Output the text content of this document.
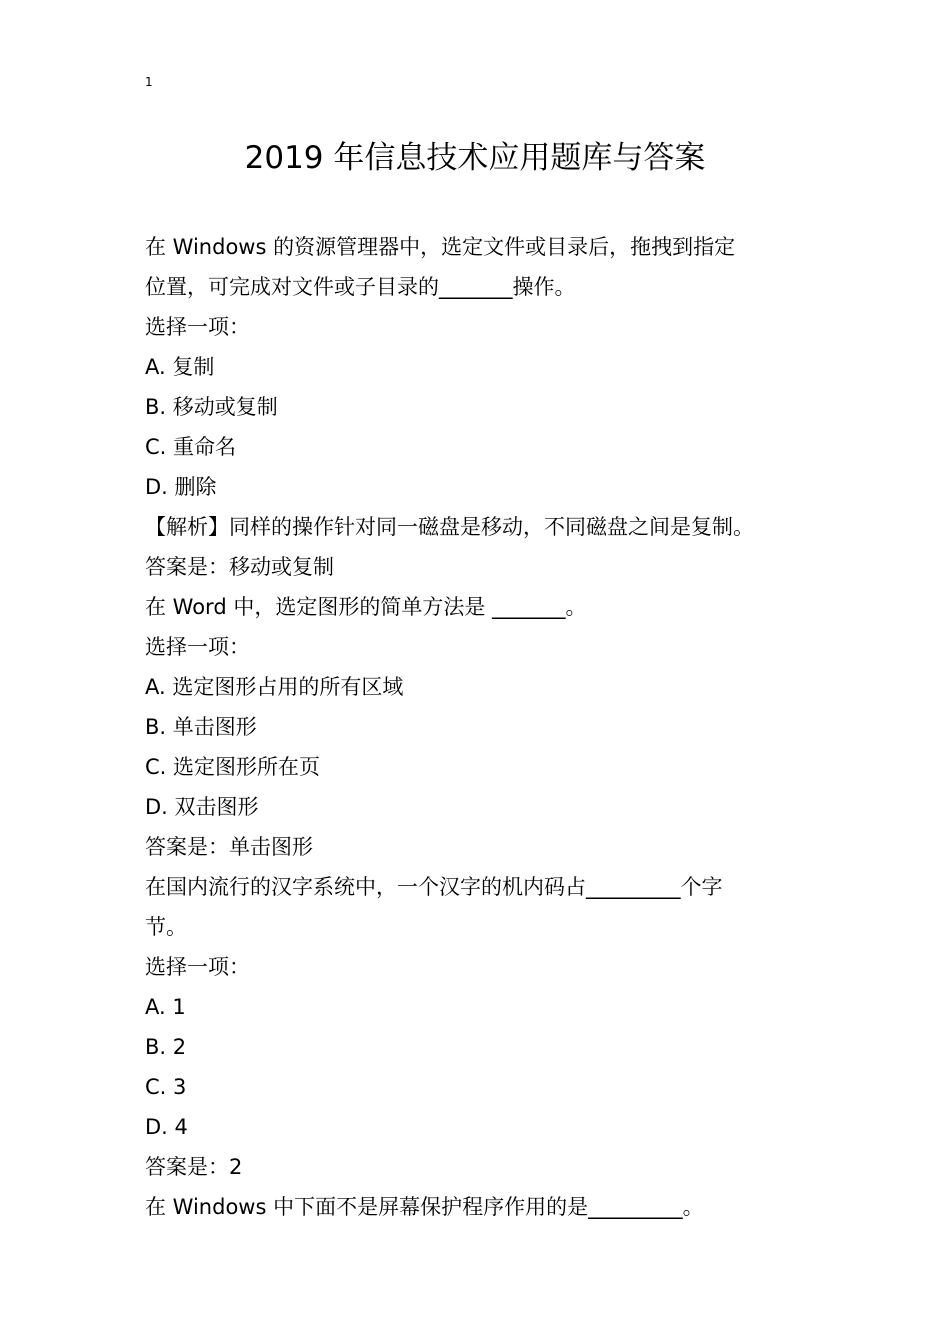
1
2019 年信息技术应用题库与答案
在 Windows 的资源管理器中，选定文件或目录后，拖拽到指定
位置，可完成对文件或子目录的_______操作。
选择一项：
A. 复制
B. 移动或复制
C. 重命名
D. 删除
【解析】同样的操作针对同一磁盘是移动，不同磁盘之间是复制。
答案是：移动或复制
在 Word 中，选定图形的简单方法是 _______。
选择一项：
A. 选定图形占用的所有区域
B. 单击图形
C. 选定图形所在页
D. 双击图形
答案是：单击图形
在国内流行的汉字系统中，一个汉字的机内码占_________个字
节。
选择一项：
A. 1
B. 2
C. 3
D. 4
答案是：2
在 Windows 中下面不是屏幕保护程序作用的是_________。
